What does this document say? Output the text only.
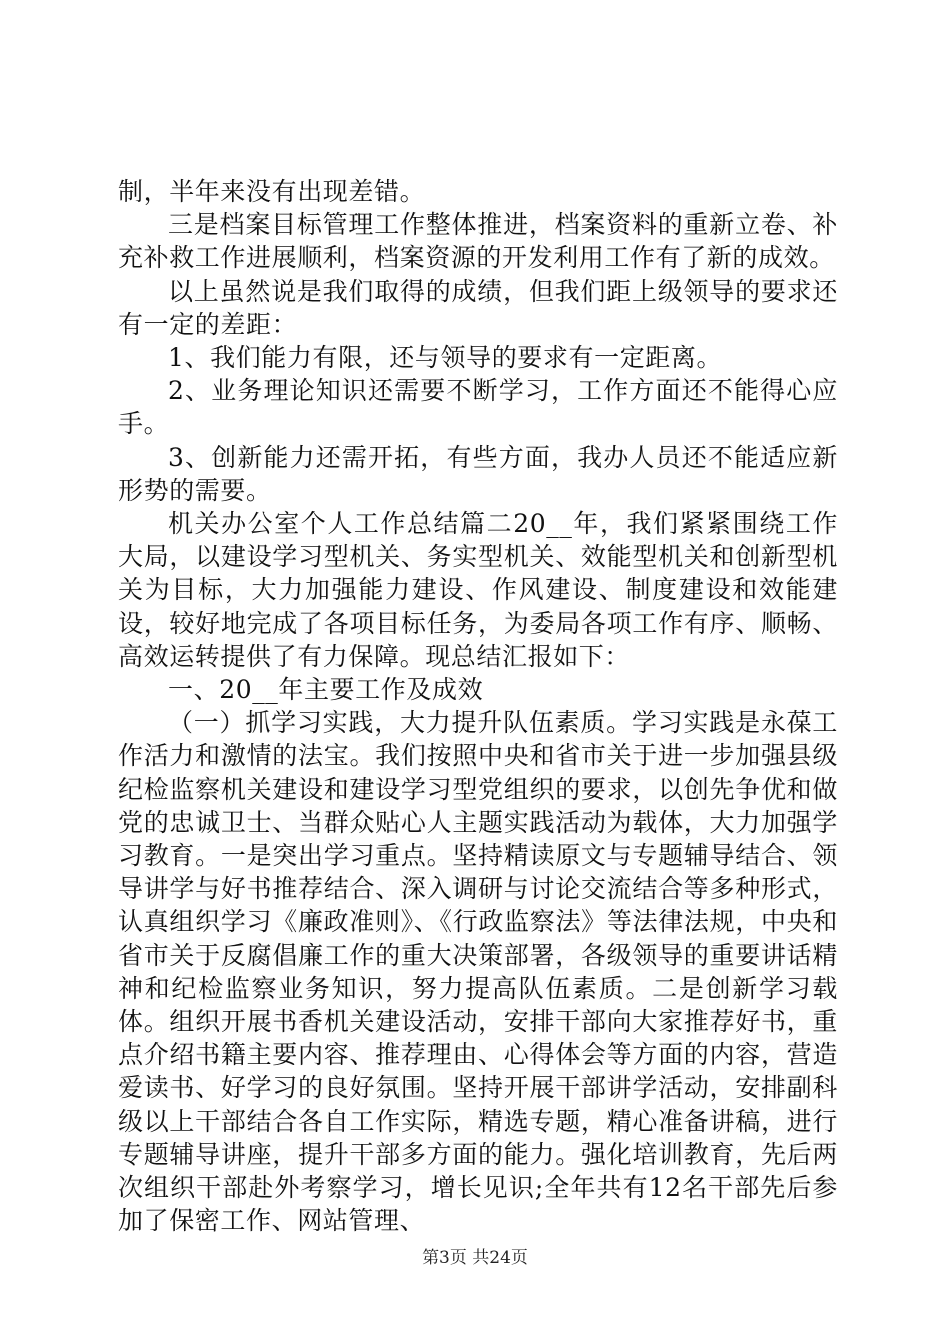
制，半年来没有出现差错。

三是档案目标管理工作整体推进，档案资料的重新立卷、补充补救工作进展顺利，档案资源的开发利用工作有了新的成效。

以上虽然说是我们取得的成绩，但我们距上级领导的要求还有一定的差距：

1、我们能力有限，还与领导的要求有一定距离。

2、业务理论知识还需要不断学习，工作方面还不能得心应手。

3、创新能力还需开拓，有些方面，我办人员还不能适应新形势的需要。

机关办公室个人工作总结篇二20__年，我们紧紧围绕工作大局，以建设学习型机关、务实型机关、效能型机关和创新型机关为目标，大力加强能力建设、作风建设、制度建设和效能建设，较好地完成了各项目标任务，为委局各项工作有序、顺畅、高效运转提供了有力保障。现总结汇报如下：

一、20__年主要工作及成效

（一）抓学习实践，大力提升队伍素质。学习实践是永葆工作活力和激情的法宝。我们按照中央和省市关于进一步加强县级纪检监察机关建设和建设学习型党组织的要求，以创先争优和做党的忠诚卫士、当群众贴心人主题实践活动为载体，大力加强学习教育。一是突出学习重点。坚持精读原文与专题辅导结合、领导讲学与好书推荐结合、深入调研与讨论交流结合等多种形式，认真组织学习《廉政准则》、《行政监察法》等法律法规，中央和省市关于反腐倡廉工作的重大决策部署，各级领导的重要讲话精神和纪检监察业务知识，努力提高队伍素质。二是创新学习载体。组织开展书香机关建设活动，安排干部向大家推荐好书，重点介绍书籍主要内容、推荐理由、心得体会等方面的内容，营造爱读书、好学习的良好氛围。坚持开展干部讲学活动，安排副科级以上干部结合各自工作实际，精选专题，精心准备讲稿，进行专题辅导讲座，提升干部多方面的能力。强化培训教育，先后两次组织干部赴外考察学习，增长见识;全年共有12名干部先后参加了保密工作、网站管理、

第3页 共24页
